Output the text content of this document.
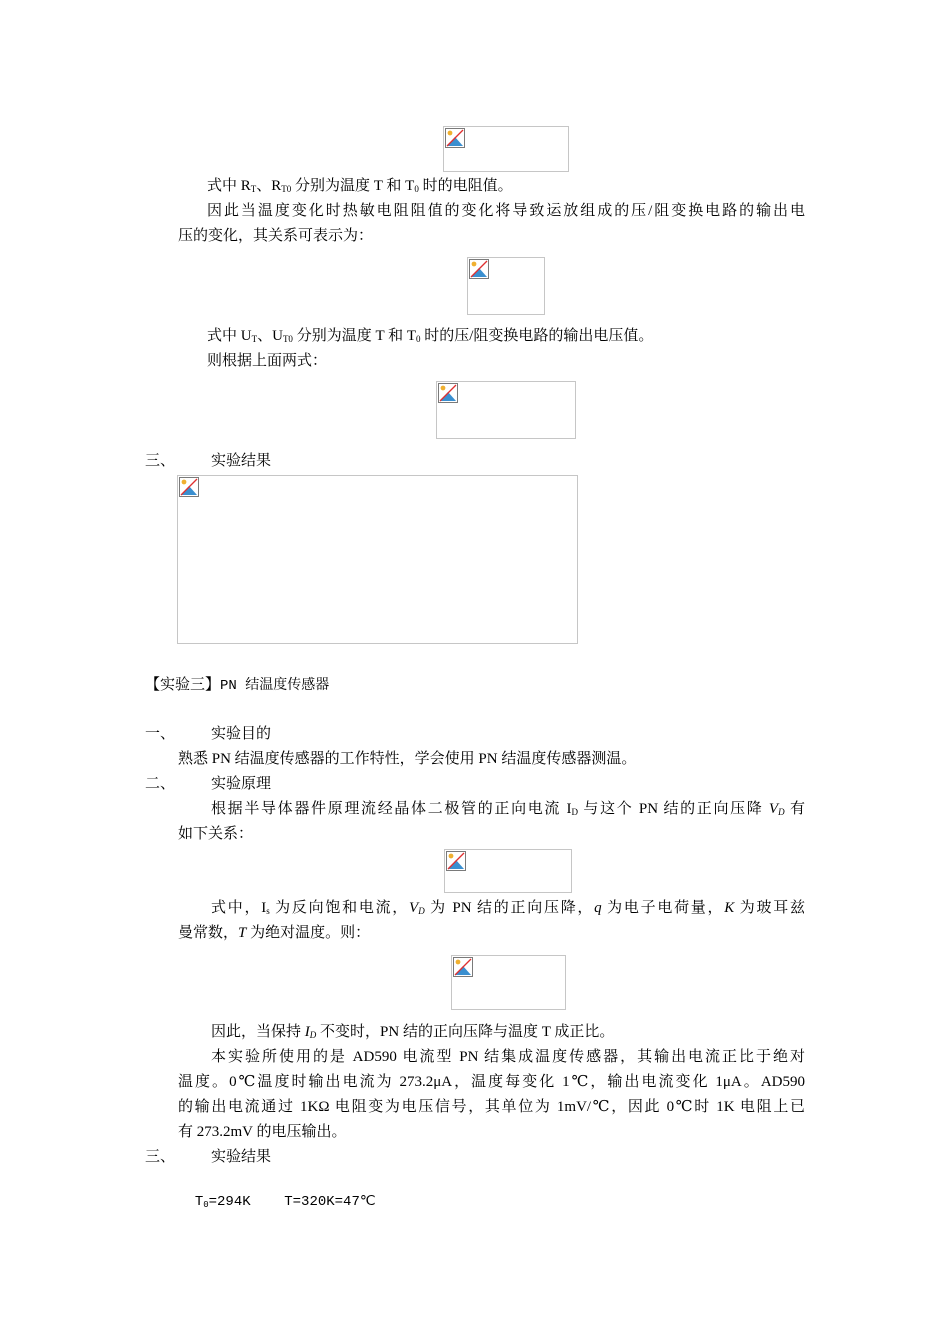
式中 $R_T$、$R_{T0}$ 分别为温度 T 和 $T_0$ 时的电阻值。
因此当温度变化时热敏电阻阻值的变化将导致运放组成的压/阻变换电路的输出电
压的变化，其关系可表示为：
式中 $U_T$、$U_{T0}$ 分别为温度 T 和 $T_0$ 时的压/阻变换电路的输出电压值。
则根据上面两式：
三、 实验结果
【实验三】PN 结温度传感器
一、 实验目的
熟悉 PN 结温度传感器的工作特性，学会使用 PN 结温度传感器测温。
二、 实验原理
根据半导体器件原理流经晶体二极管的正向电流 $I_D$ 与这个 PN 结的正向压降 $V_D$ 有
如下关系：
式中，$I_s$ 为反向饱和电流，$V_D$ 为 PN 结的正向压降，q 为电子电荷量，K 为玻耳兹
曼常数，T 为绝对温度。则：
因此，当保持 $I_D$ 不变时，PN 结的正向压降与温度 T 成正比。
本实验所使用的是 AD590 电流型 PN 结集成温度传感器，其输出电流正比于绝对
温度。0℃温度时输出电流为 273.2μA，温度每变化 1℃，输出电流变化 1μA。AD590
的输出电流通过 1KΩ 电阻变为电压信号，其单位为 1mV/℃，因此 0℃时 1K 电阻上已
有 273.2mV 的电压输出。
三、 实验结果

$T_0=294K$    T=320K=47℃
